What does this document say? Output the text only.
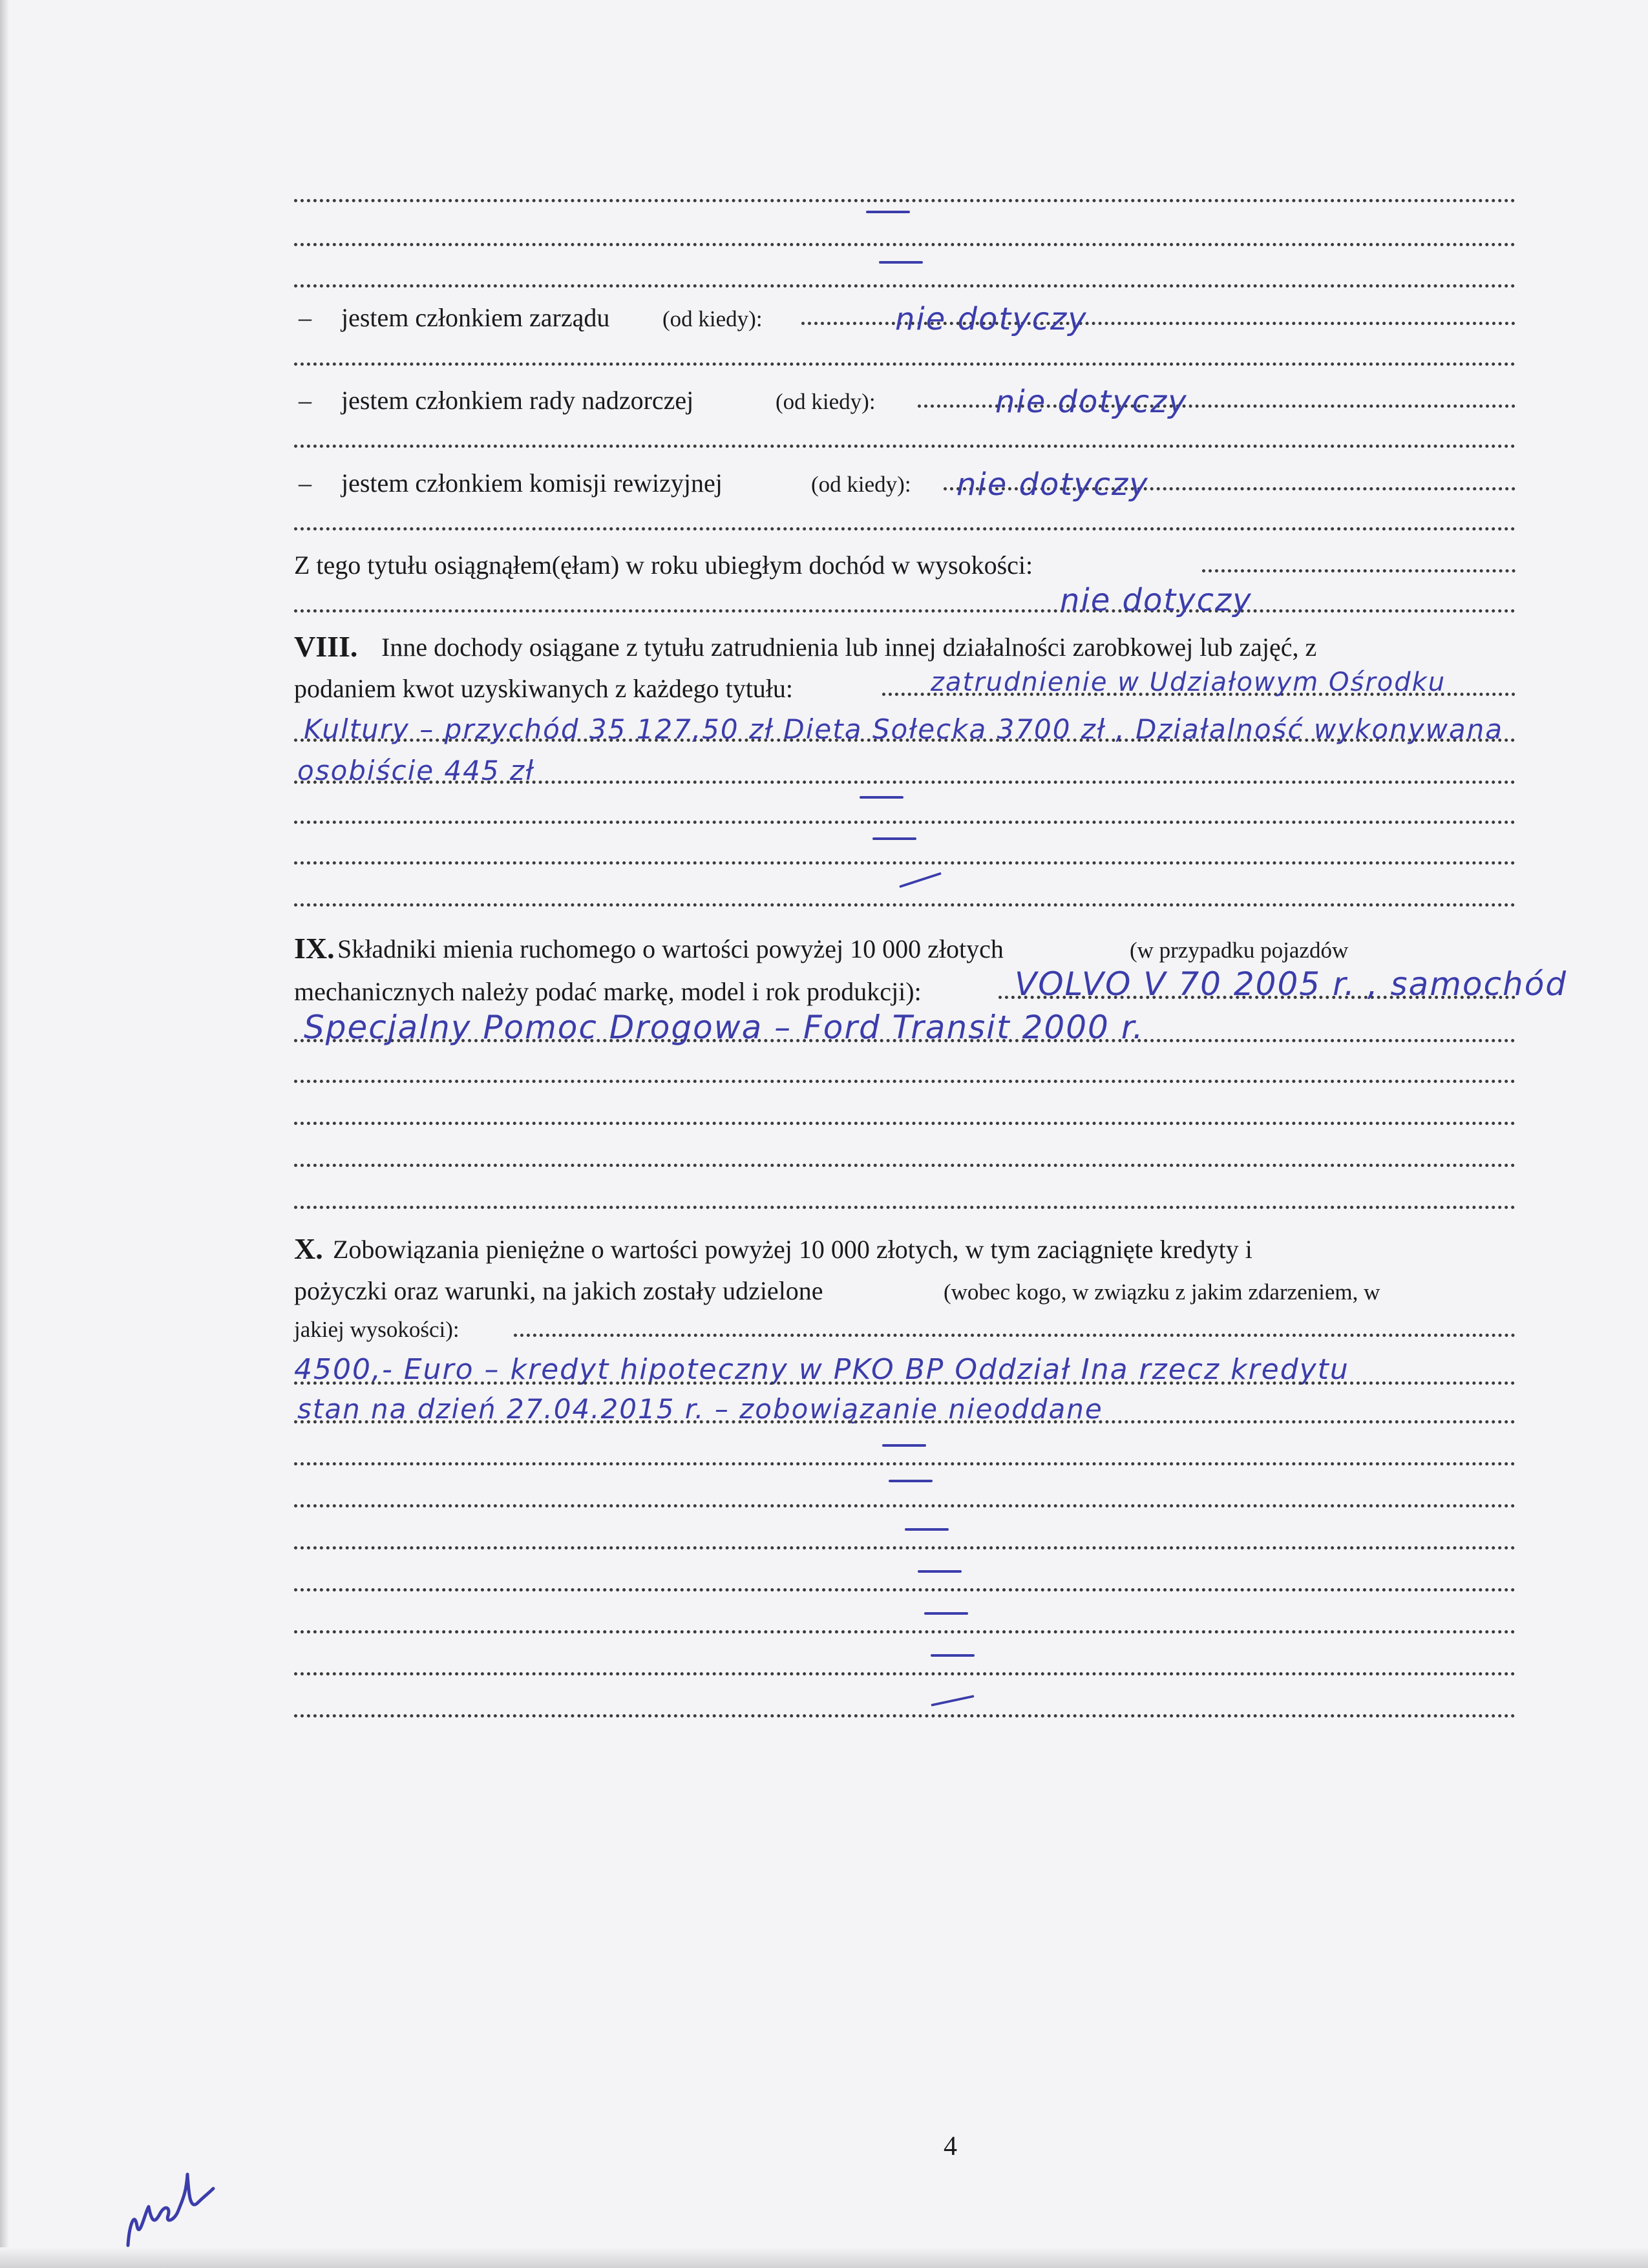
– jestem członkiem zarządu (od kiedy):	nie dotyczy
– jestem członkiem rady nadzorczej	(od kiedy):	nie dotyczy
– jestem członkiem komisji rewizyjnej	(od kiedy): nie dotyczy
Z tego tytułu osiągnąłem(ęłam) w roku ubiegłym dochód w wysokości:
nie dotyczy
VIII. Inne dochody osiągane z tytułu zatrudnienia lub innej działalności zarobkowej lub zajęć, z
podaniem kwot uzyskiwanych z każdego tytułu:	zatrudnienie w Udziałowym Ośrodku
Kultury – przychód 35 127,50 zł Dieta Sołecka 3700 zł , Działalność wykonywana
osobiście 445 zł
IX. Składniki mienia ruchomego o wartości powyżej 10 000 złotych	(w przypadku pojazdów
mechanicznych należy podać markę, model i rok produkcji):	VOLVO V 70 2005 r. , samochód
Specjalny Pomoc Drogowa – Ford Transit 2000 r.
X. Zobowiązania pieniężne o wartości powyżej 10 000 złotych, w tym zaciągnięte kredyty i
pożyczki oraz warunki, na jakich zostały udzielone	(wobec kogo, w związku z jakim zdarzeniem, w
jakiej wysokości):
4500,- Euro – kredyt hipoteczny w PKO BP Oddział Ina rzecz kredytu
stan na dzień 27.04.2015 r. – zobowiązanie nieoddane
4
